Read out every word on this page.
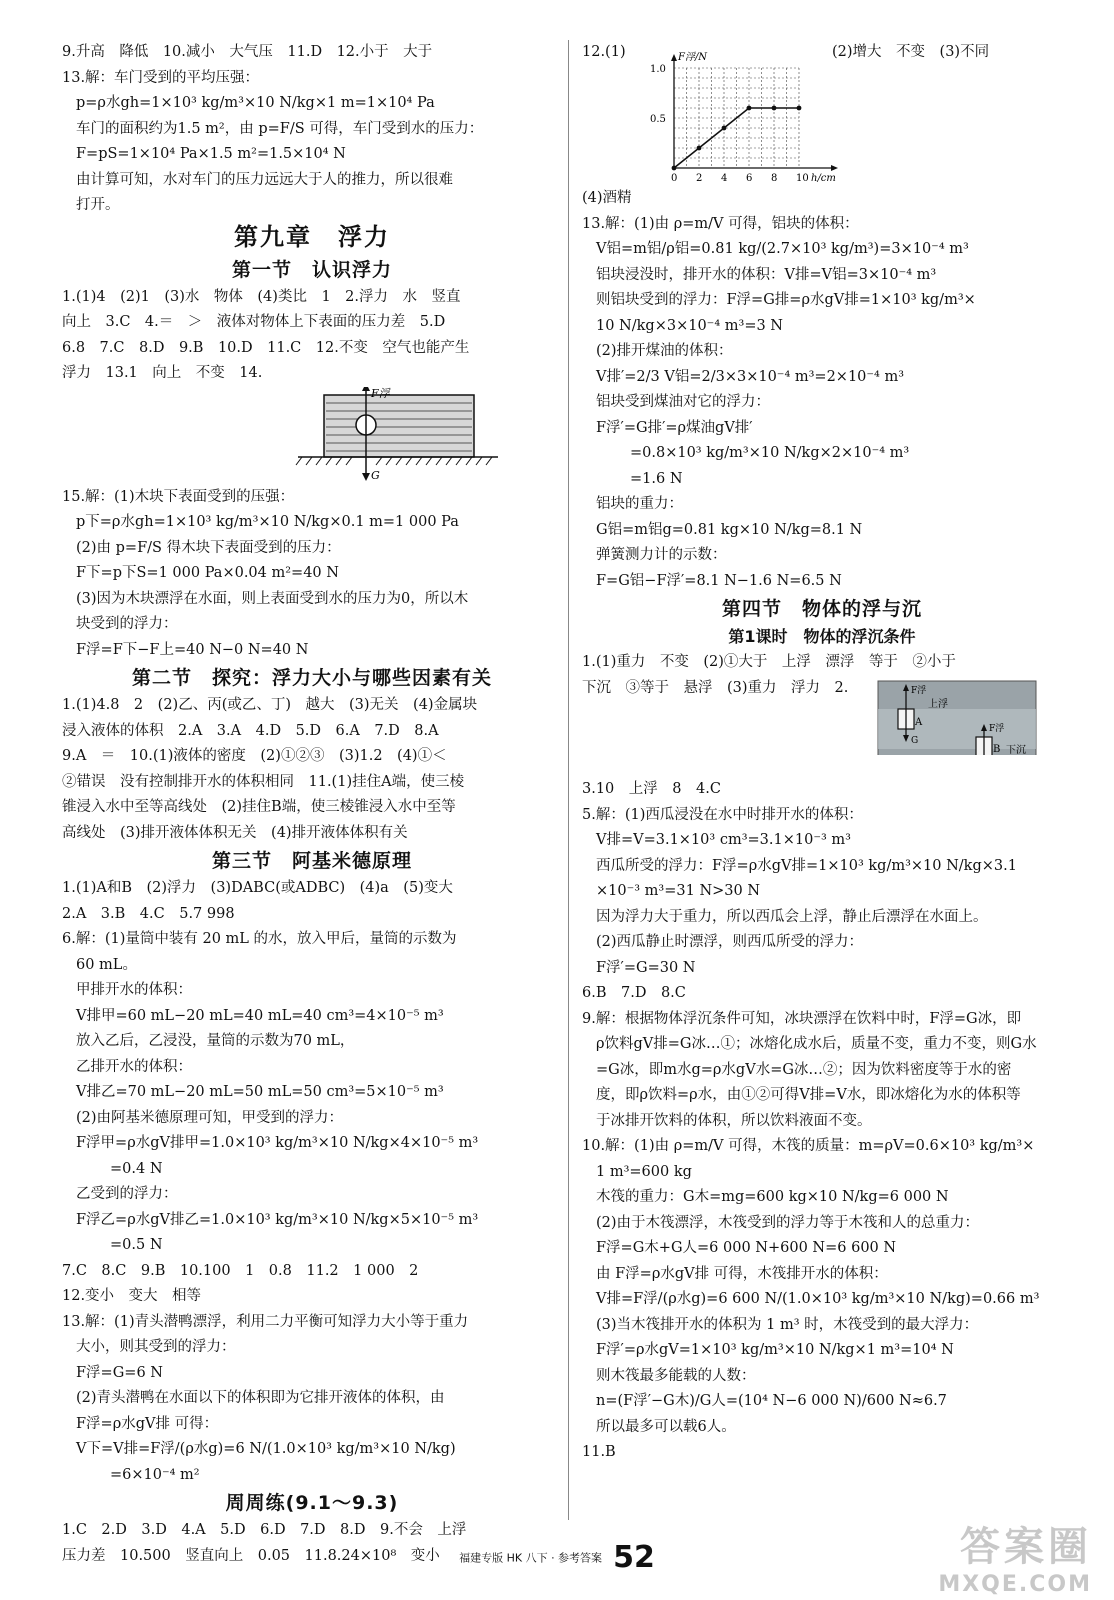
9.升高　降低　10.减小　大气压　11.D　12.小于　大于
13.解：车门受到的平均压强：
p=ρ水gh=1×10³ kg/m³×10 N/kg×1 m=1×10⁴ Pa
车门的面积约为1.5 m²，由 p=F/S 可得，车门受到水的压力：
F=pS=1×10⁴ Pa×1.5 m²=1.5×10⁴ N
由计算可知，水对车门的压力远远大于人的推力，所以很难
打开。
第九章　浮力
第一节　认识浮力
1.(1)4　(2)1　(3)水　物体　(4)类比　1　2.浮力　水　竖直
向上　3.C　4.＝　＞　液体对物体上下表面的压力差　5.D
6.8　7.C　8.D　9.B　10.D　11.C　12.不变　空气也能产生
浮力　13.1　向上　不变　14.
F浮
G
15.解：(1)木块下表面受到的压强：
p下=ρ水gh=1×10³ kg/m³×10 N/kg×0.1 m=1 000 Pa
(2)由 p=F/S 得木块下表面受到的压力：
F下=p下S=1 000 Pa×0.04 m²=40 N
(3)因为木块漂浮在水面，则上表面受到水的压力为0，所以木
块受到的浮力：
F浮=F下−F上=40 N−0 N=40 N
第二节　探究：浮力大小与哪些因素有关
1.(1)4.8　2　(2)乙、丙(或乙、丁)　越大　(3)无关　(4)金属块
浸入液体的体积　2.A　3.A　4.D　5.D　6.A　7.D　8.A
9.A　＝　10.(1)液体的密度　(2)①②③　(3)1.2　(4)①＜
②错误　没有控制排开水的体积相同　11.(1)挂住A端，使三棱
锥浸入水中至等高线处　(2)挂住B端，使三棱锥浸入水中至等
高线处　(3)排开液体体积无关　(4)排开液体体积有关
第三节　阿基米德原理
1.(1)A和B　(2)浮力　(3)DABC(或ADBC)　(4)a　(5)变大
2.A　3.B　4.C　5.7 998
6.解：(1)量筒中装有 20 mL 的水，放入甲后，量筒的示数为
60 mL。
甲排开水的体积：
V排甲=60 mL−20 mL=40 mL=40 cm³=4×10⁻⁵ m³
放入乙后，乙浸没，量筒的示数为70 mL，
乙排开水的体积：
V排乙=70 mL−20 mL=50 mL=50 cm³=5×10⁻⁵ m³
(2)由阿基米德原理可知，甲受到的浮力：
F浮甲=ρ水gV排甲=1.0×10³ kg/m³×10 N/kg×4×10⁻⁵ m³
=0.4 N
乙受到的浮力：
F浮乙=ρ水gV排乙=1.0×10³ kg/m³×10 N/kg×5×10⁻⁵ m³
=0.5 N
7.C　8.C　9.B　10.100　1　0.8　11.2　1 000　2
12.变小　变大　相等
13.解：(1)青头潜鸭漂浮，利用二力平衡可知浮力大小等于重力
大小，则其受到的浮力：
F浮=G=6 N
(2)青头潜鸭在水面以下的体积即为它排开液体的体积，由
F浮=ρ水gV排 可得：
V下=V排=F浮/(ρ水g)=6 N/(1.0×10³ kg/m³×10 N/kg)
=6×10⁻⁴ m²
周周练(9.1～9.3)
1.C　2.D　3.D　4.A　5.D　6.D　7.D　8.D　9.不会　上浮
压力差　10.500　竖直向上　0.05　11.8.24×10⁸　变小
12.(1)	(2)增大　不变　(3)不同
0 2 4 6 8 10
0.5
1.0
h/cm
F浮/N
(4)酒精
13.解：(1)由 ρ=m/V 可得，铝块的体积：
V铝=m铝/ρ铝=0.81 kg/(2.7×10³ kg/m³)=3×10⁻⁴ m³
铝块浸没时，排开水的体积：V排=V铝=3×10⁻⁴ m³
则铝块受到的浮力：F浮=G排=ρ水gV排=1×10³ kg/m³×
10 N/kg×3×10⁻⁴ m³=3 N
(2)排开煤油的体积：
V排′=2/3 V铝=2/3×3×10⁻⁴ m³=2×10⁻⁴ m³
铝块受到煤油对它的浮力：
F浮′=G排′=ρ煤油gV排′
=0.8×10³ kg/m³×10 N/kg×2×10⁻⁴ m³
=1.6 N
铝块的重力：
G铝=m铝g=0.81 kg×10 N/kg=8.1 N
弹簧测力计的示数：
F=G铝−F浮′=8.1 N−1.6 N=6.5 N
第四节　物体的浮与沉
第1课时　物体的浮沉条件
1.(1)重力　不变　(2)①大于　上浮　漂浮　等于　②小于
下沉　③等于　悬浮　(3)重力　浮力　2.
A
F浮
G
上浮
B
F浮
下沉
3.10　上浮　8　4.C
5.解：(1)西瓜浸没在水中时排开水的体积：
V排=V=3.1×10³ cm³=3.1×10⁻³ m³
西瓜所受的浮力：F浮=ρ水gV排=1×10³ kg/m³×10 N/kg×3.1
×10⁻³ m³=31 N>30 N
因为浮力大于重力，所以西瓜会上浮，静止后漂浮在水面上。
(2)西瓜静止时漂浮，则西瓜所受的浮力：
F浮′=G=30 N
6.B　7.D　8.C
9.解：根据物体浮沉条件可知，冰块漂浮在饮料中时，F浮=G冰，即
ρ饮料gV排=G冰…①；冰熔化成水后，质量不变，重力不变，则G水
=G冰，即m水g=ρ水gV水=G冰…②；因为饮料密度等于水的密
度，即ρ饮料=ρ水，由①②可得V排=V水，即冰熔化为水的体积等
于冰排开饮料的体积，所以饮料液面不变。
10.解：(1)由 ρ=m/V 可得，木筏的质量：m=ρV=0.6×10³ kg/m³×
1 m³=600 kg
木筏的重力：G木=mg=600 kg×10 N/kg=6 000 N
(2)由于木筏漂浮，木筏受到的浮力等于木筏和人的总重力：
F浮=G木+G人=6 000 N+600 N=6 600 N
由 F浮=ρ水gV排 可得，木筏排开水的体积：
V排=F浮/(ρ水g)=6 600 N/(1.0×10³ kg/m³×10 N/kg)=0.66 m³
(3)当木筏排开水的体积为 1 m³ 时，木筏受到的最大浮力：
F浮′=ρ水gV=1×10³ kg/m³×10 N/kg×1 m³=10⁴ N
则木筏最多能载的人数：
n=(F浮′−G木)/G人=(10⁴ N−6 000 N)/600 N≈6.7
所以最多可以载6人。
11.B
福建专版 HK 八下 · 参考答案 52	答案圈
MXQE.COM
